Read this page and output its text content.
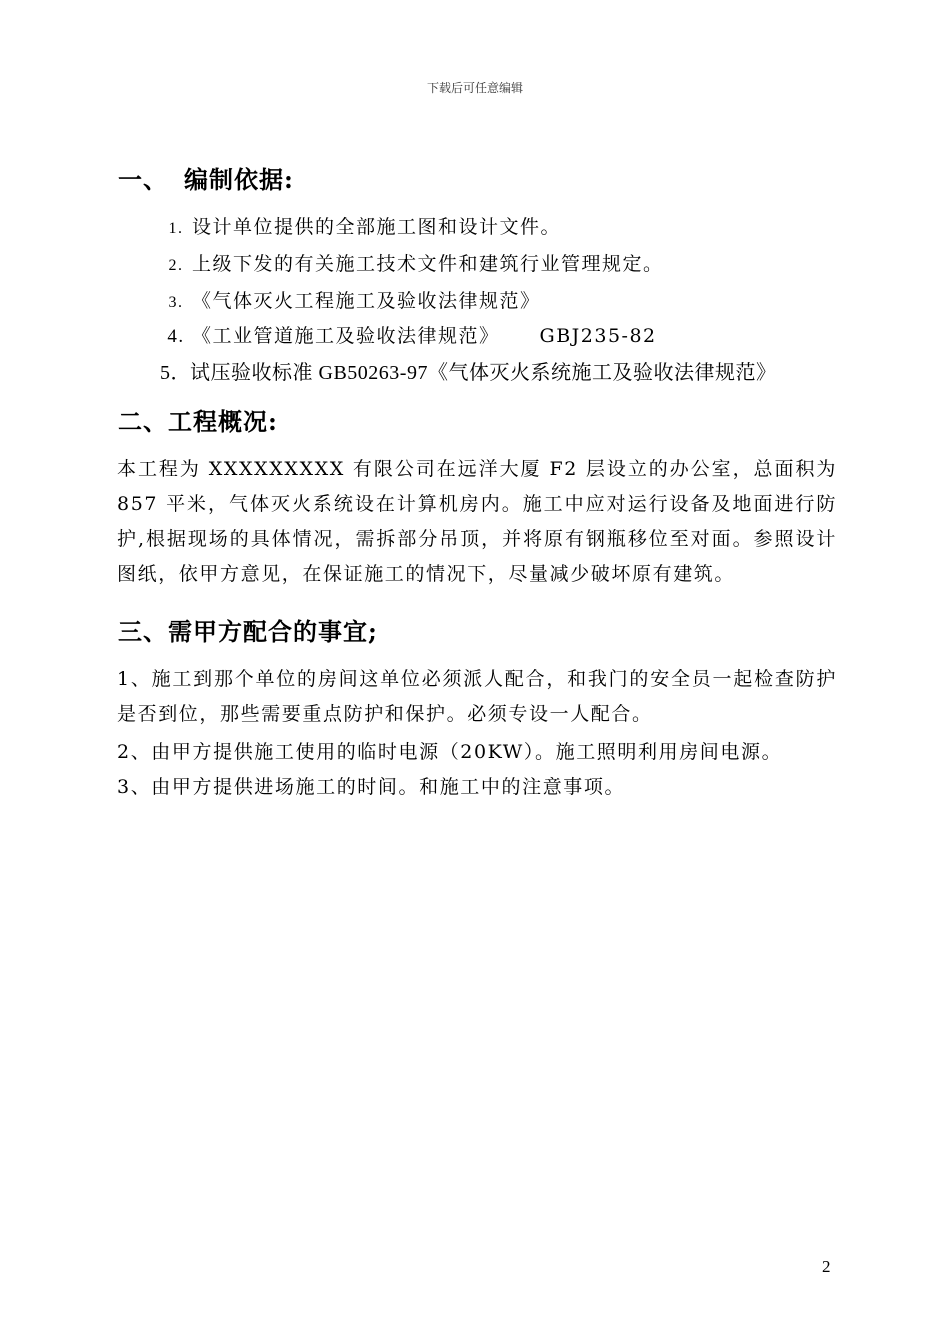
下载后可任意编辑
一、 编制依据:
1. 设计单位提供的全部施工图和设计文件。
2. 上级下发的有关施工技术文件和建筑行业管理规定。
3. 《气体灭火工程施工及验收法律规范》
4. 《工业管道施工及验收法律规范》 GBJ235-82
5．试压验收标准 GB50263-97《气体灭火系统施工及验收法律规范》
二、工程概况:

本工程为 XXXXXXXXX 有限公司在远洋大厦 F2 层设立的办公室，总面积为 857 平米，气体灭火系统设在计算机房内。施工中应对运行设备及地面进行防护,根据现场的具体情况，需拆部分吊顶，并将原有钢瓶移位至对面。参照设计图纸，依甲方意见，在保证施工的情况下，尽量减少破坏原有建筑。

三、需甲方配合的事宜;

1、施工到那个单位的房间这单位必须派人配合，和我门的安全员一起检查防护是否到位，那些需要重点防护和保护。必须专设一人配合。

2、由甲方提供施工使用的临时电源（20KW）。施工照明利用房间电源。

3、由甲方提供进场施工的时间。和施工中的注意事项。

2
